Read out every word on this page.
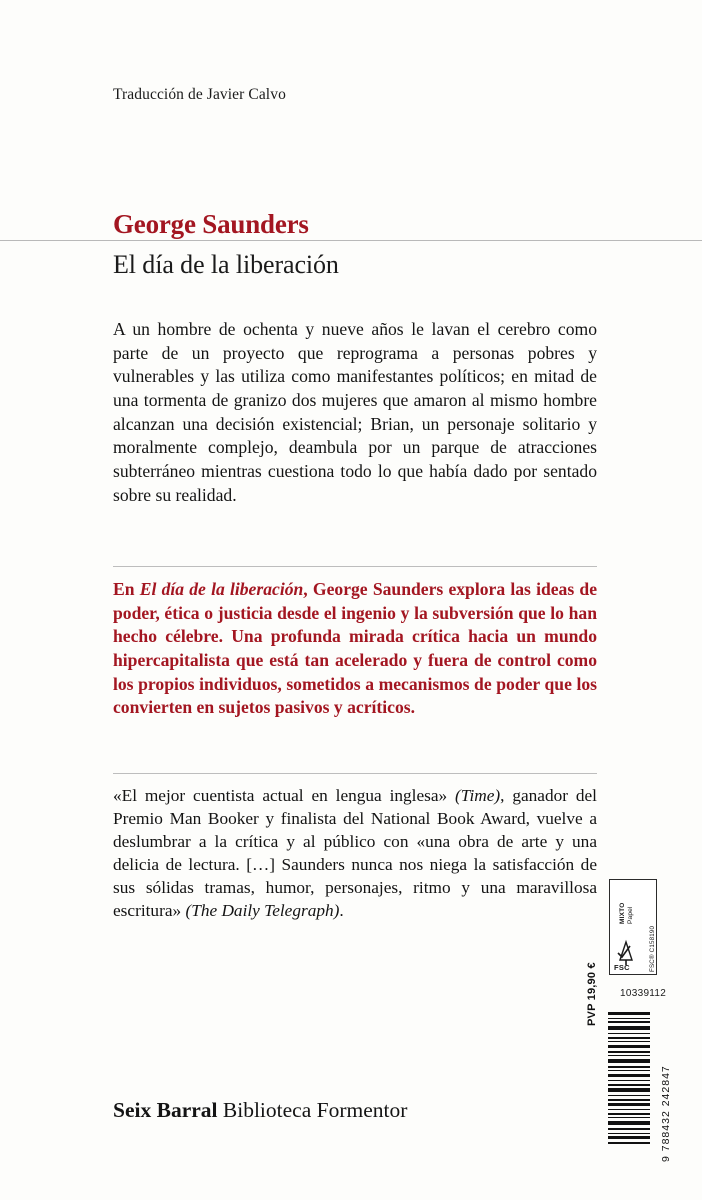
Traducción de Javier Calvo
George Saunders
El día de la liberación
A un hombre de ochenta y nueve años le lavan el cerebro como parte de un proyecto que reprograma a personas pobres y vulnerables y las utiliza como manifestantes políticos; en mitad de una tormenta de granizo dos mujeres que amaron al mismo hombre alcanzan una decisión existencial; Brian, un personaje solitario y moralmente complejo, deambula por un parque de atracciones subterráneo mientras cuestiona todo lo que había dado por sentado sobre su realidad.
En El día de la liberación, George Saunders explora las ideas de poder, ética o justicia desde el ingenio y la subversión que lo han hecho célebre. Una profunda mirada crítica hacia un mundo hipercapitalista que está tan acelerado y fuera de control como los propios individuos, sometidos a mecanismos de poder que los convierten en sujetos pasivos y acríticos.
«El mejor cuentista actual en lengua inglesa» (Time), ganador del Premio Man Booker y finalista del National Book Award, vuelve a deslumbrar a la crítica y al público con «una obra de arte y una delicia de lectura. […] Saunders nunca nos niega la satisfacción de sus sólidas tramas, humor, personajes, ritmo y una maravillosa escritura» (The Daily Telegraph).
Seix Barral Biblioteca Formentor
MIXTO Papel
FSC® C158190
FSC
10339112
PVP 19,90 €
9 788432 242847
